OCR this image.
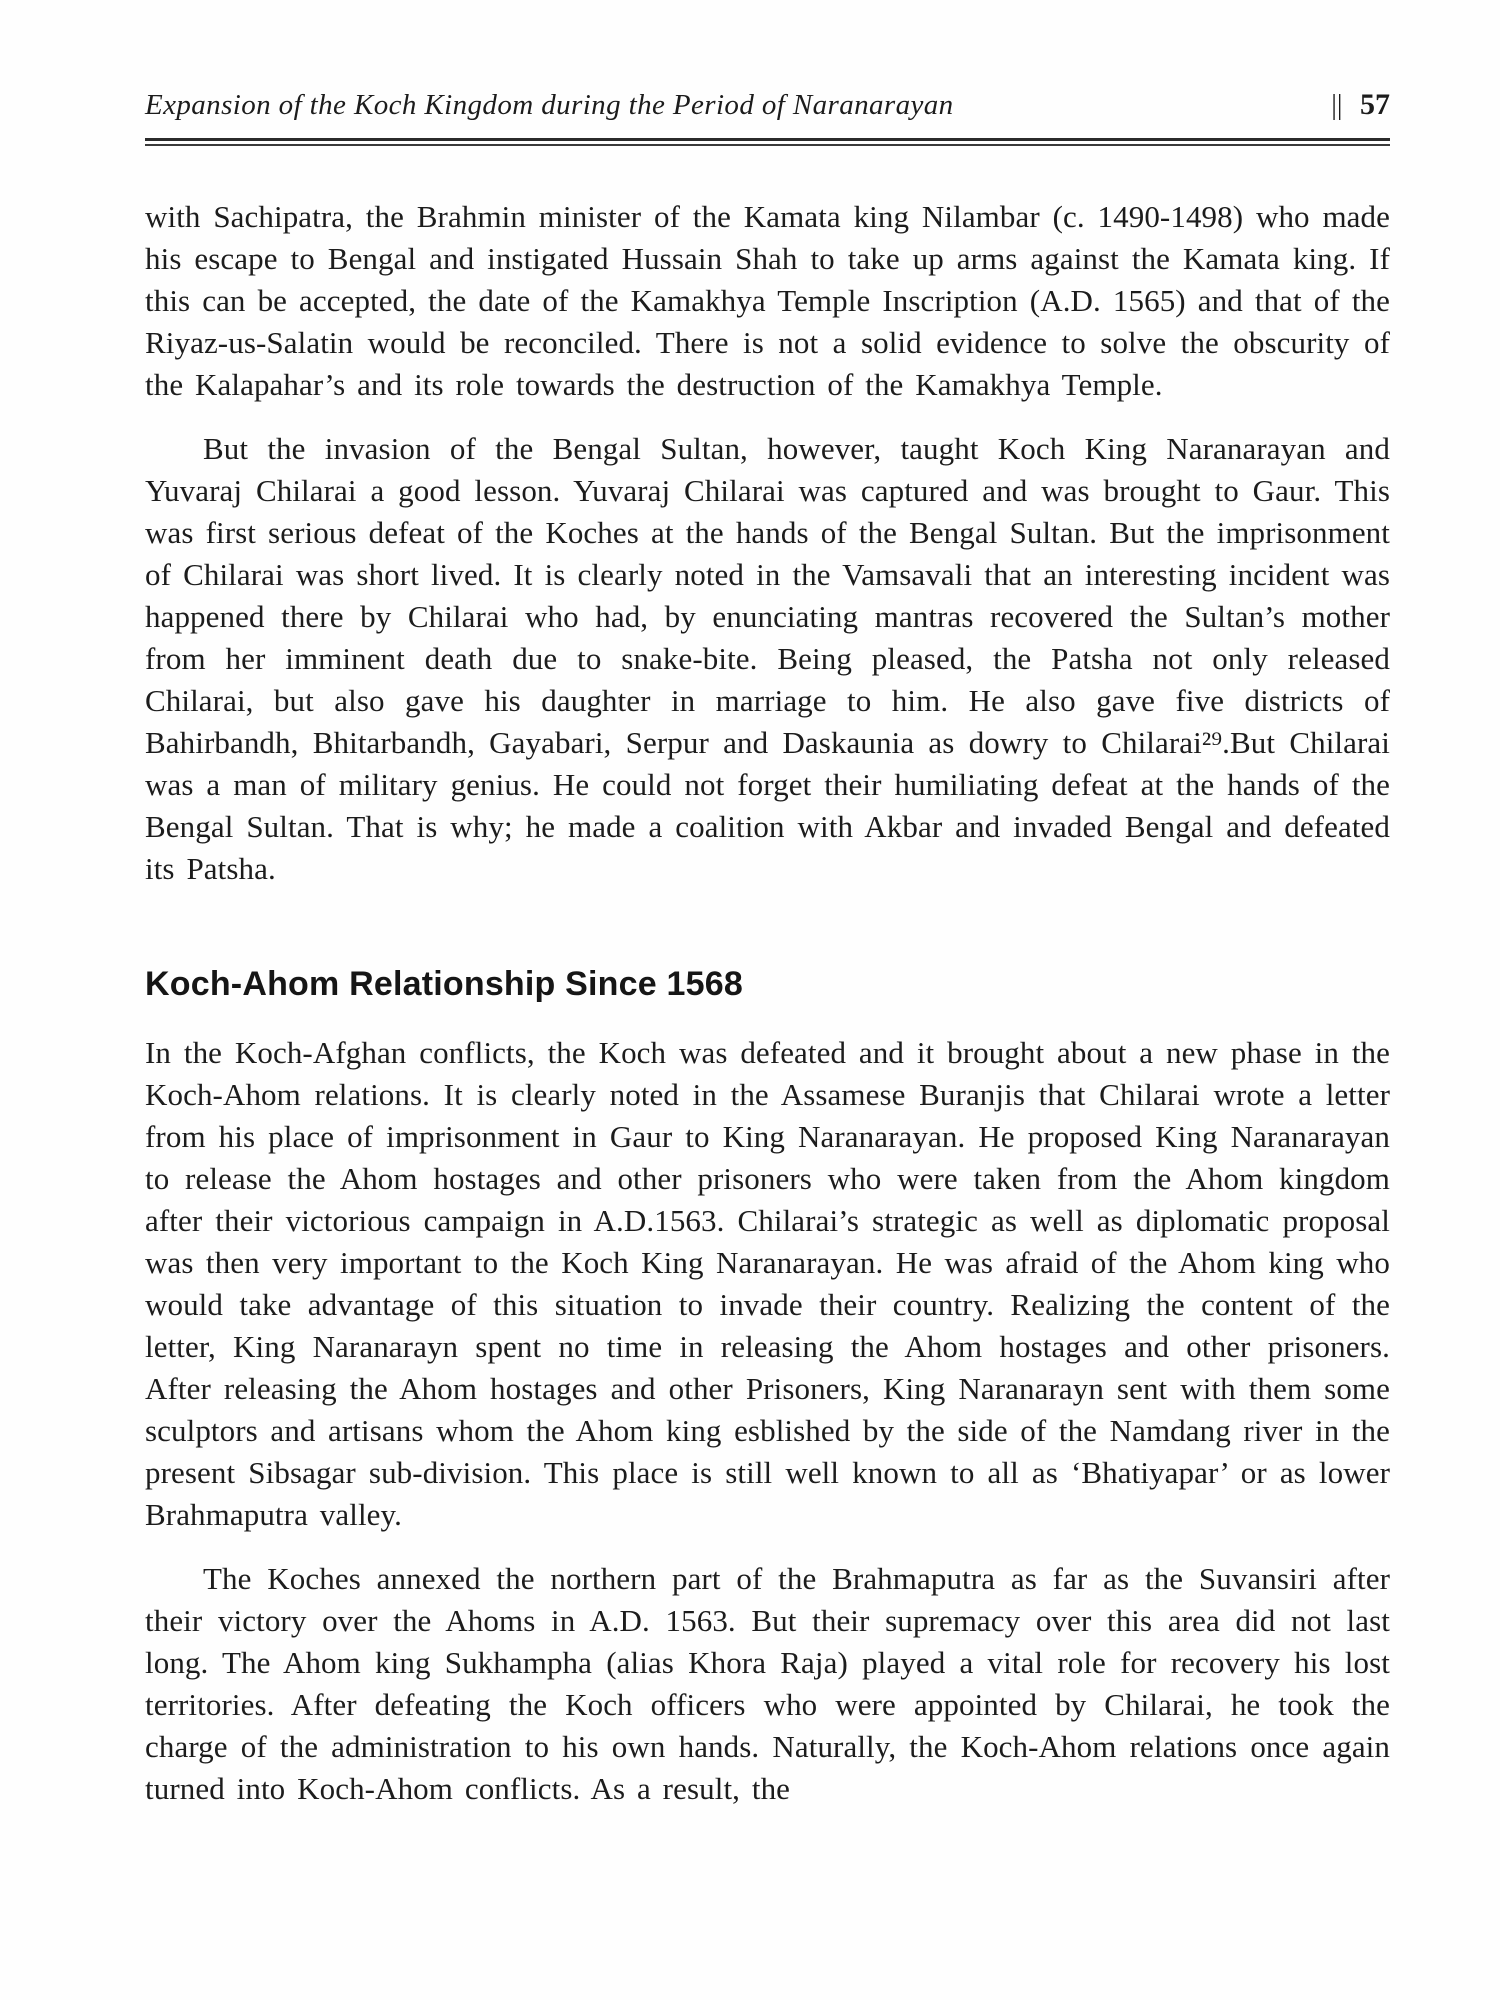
Expansion of the Koch Kingdom during the Period of Naranarayan	|| 57

with Sachipatra, the Brahmin minister of the Kamata king Nilambar (c. 1490-1498) who made his escape to Bengal and instigated Hussain Shah to take up arms against the Kamata king. If this can be accepted, the date of the Kamakhya Temple Inscription (A.D. 1565) and that of the Riyaz-us-Salatin would be reconciled. There is not a solid evidence to solve the obscurity of the Kalapahar’s and its role towards the destruction of the Kamakhya Temple.

But the invasion of the Bengal Sultan, however, taught Koch King Naranarayan and Yuvaraj Chilarai a good lesson. Yuvaraj Chilarai was captured and was brought to Gaur. This was first serious defeat of the Koches at the hands of the Bengal Sultan. But the imprisonment of Chilarai was short lived. It is clearly noted in the Vamsavali that an interesting incident was happened there by Chilarai who had, by enunciating mantras recovered the Sultan’s mother from her imminent death due to snake-bite. Being pleased, the Patsha not only released Chilarai, but also gave his daughter in marriage to him. He also gave five districts of Bahirbandh, Bhitarbandh, Gayabari, Serpur and Daskaunia as dowry to Chilarai²⁹.But Chilarai was a man of military genius. He could not forget their humiliating defeat at the hands of the Bengal Sultan. That is why; he made a coalition with Akbar and invaded Bengal and defeated its Patsha.

Koch-Ahom Relationship Since 1568

In the Koch-Afghan conflicts, the Koch was defeated and it brought about a new phase in the Koch-Ahom relations. It is clearly noted in the Assamese Buranjis that Chilarai wrote a letter from his place of imprisonment in Gaur to King Naranarayan. He proposed King Naranarayan to release the Ahom hostages and other prisoners who were taken from the Ahom kingdom after their victorious campaign in A.D.1563. Chilarai’s strategic as well as diplomatic proposal was then very important to the Koch King Naranarayan. He was afraid of the Ahom king who would take advantage of this situation to invade their country. Realizing the content of the letter, King Naranarayn spent no time in releasing the Ahom hostages and other prisoners. After releasing the Ahom hostages and other Prisoners, King Naranarayn sent with them some sculptors and artisans whom the Ahom king esblished by the side of the Namdang river in the present Sibsagar sub-division. This place is still well known to all as ‘Bhatiyapar’ or as lower Brahmaputra valley.

The Koches annexed the northern part of the Brahmaputra as far as the Suvansiri after their victory over the Ahoms in A.D. 1563. But their supremacy over this area did not last long. The Ahom king Sukhampha (alias Khora Raja) played a vital role for recovery his lost territories. After defeating the Koch officers who were appointed by Chilarai, he took the charge of the administration to his own hands. Naturally, the Koch-Ahom relations once again turned into Koch-Ahom conflicts. As a result, the
